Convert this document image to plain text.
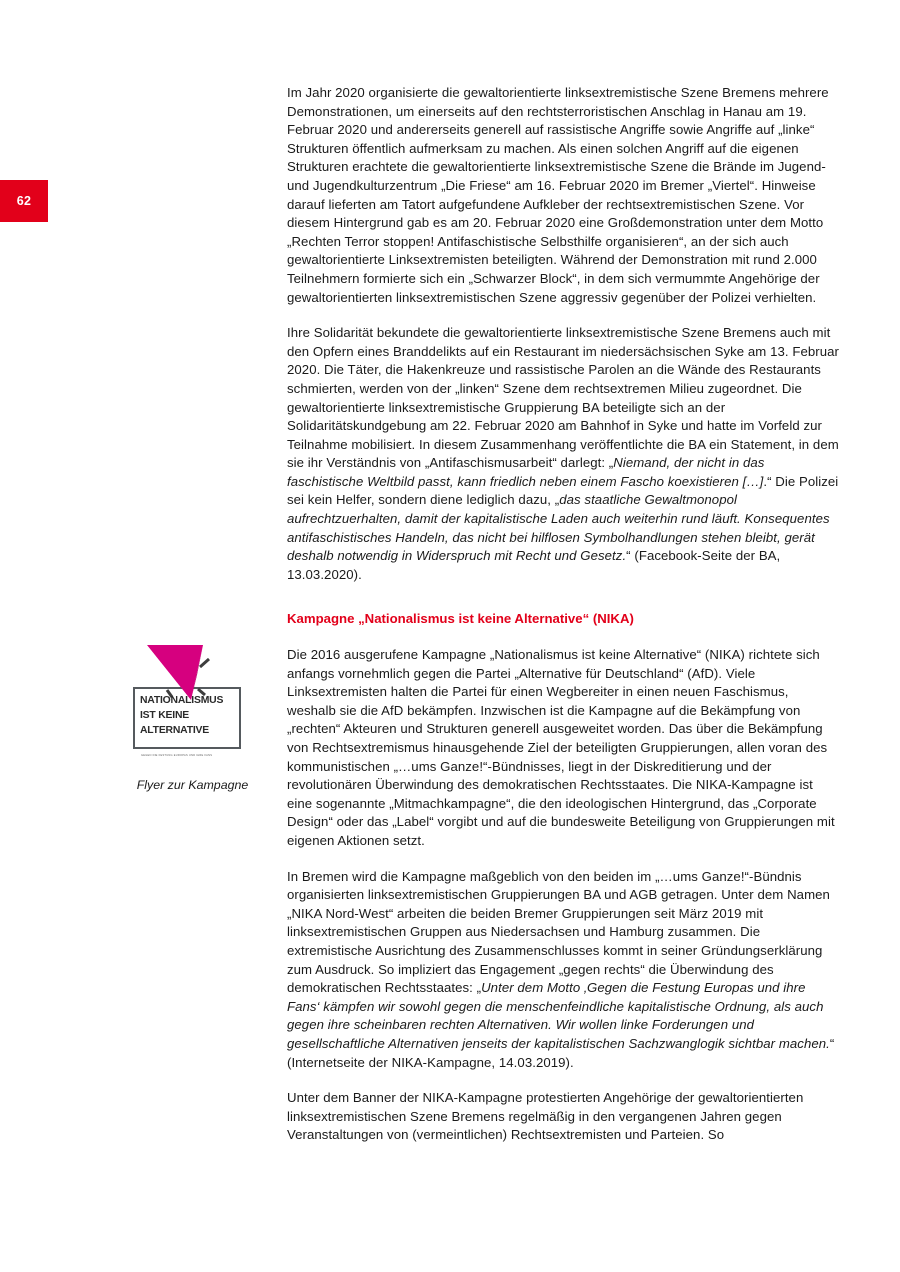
62
NATIONALISMUS
IST KEINE
ALTERNATIVE
GEGEN DIE FESTUNG EUROPAS UND IHRE FANS
Flyer zur Kampagne

Im Jahr 2020 organisierte die gewaltorientierte linksextremistische Szene Bremens mehrere Demonstrationen, um einerseits auf den rechtsterroristischen Anschlag in Hanau am 19. Februar 2020 und andererseits generell auf rassistische Angriffe sowie Angriffe auf „linke“ Strukturen öffentlich aufmerksam zu machen. Als einen solchen Angriff auf die eigenen Strukturen erachtete die gewaltorientierte linksextremistische Szene die Brände im Jugend- und Jugendkulturzentrum „Die Friese“ am 16. Februar 2020 im Bremer „Viertel“. Hinweise darauf lieferten am Tatort aufgefundene Aufkleber der rechtsextremistischen Szene. Vor diesem Hintergrund gab es am 20. Februar 2020 eine Großdemonstration unter dem Motto „Rechten Terror stoppen! Antifaschistische Selbsthilfe organisieren“, an der sich auch gewaltorientierte Linksextremisten beteiligten. Während der Demonstration mit rund 2.000 Teilnehmern formierte sich ein „Schwarzer Block“, in dem sich vermummte Angehörige der gewaltorientierten linksextremistischen Szene aggressiv gegenüber der Polizei verhielten.

Ihre Solidarität bekundete die gewaltorientierte linksextremistische Szene Bremens auch mit den Opfern eines Branddelikts auf ein Restaurant im niedersächsischen Syke am 13. Februar 2020. Die Täter, die Hakenkreuze und rassistische Parolen an die Wände des Restaurants schmierten, werden von der „linken“ Szene dem rechtsextremen Milieu zugeordnet. Die gewaltorientierte linksextremistische Gruppierung BA beteiligte sich an der Solidaritätskundgebung am 22. Februar 2020 am Bahnhof in Syke und hatte im Vorfeld zur Teilnahme mobilisiert. In diesem Zusammenhang veröffentlichte die BA ein Statement, in dem sie ihr Verständnis von „Antifaschismusarbeit“ darlegt: „Niemand, der nicht in das faschistische Weltbild passt, kann friedlich neben einem Fascho koexistieren […].“ Die Polizei sei kein Helfer, sondern diene lediglich dazu, „das staatliche Gewaltmonopol aufrechtzuerhalten, damit der kapitalistische Laden auch weiterhin rund läuft. Konsequentes antifaschistisches Handeln, das nicht bei hilflosen Symbolhandlungen stehen bleibt, gerät deshalb notwendig in Widerspruch mit Recht und Gesetz.“ (Facebook-Seite der BA, 13.03.2020).

Kampagne „Nationalismus ist keine Alternative“ (NIKA)

Die 2016 ausgerufene Kampagne „Nationalismus ist keine Alternative“ (NIKA) richtete sich anfangs vornehmlich gegen die Partei „Alternative für Deutschland“ (AfD). Viele Linksextremisten halten die Partei für einen Wegbereiter in einen neuen Faschismus, weshalb sie die AfD bekämpfen. Inzwischen ist die Kampagne auf die Bekämpfung von „rechten“ Akteuren und Strukturen generell ausgeweitet worden. Das über die Bekämpfung von Rechtsextremismus hinausgehende Ziel der beteiligten Gruppierungen, allen voran des kommunistischen „…ums Ganze!“-Bündnisses, liegt in der Diskreditierung und der revolutionären Überwindung des demokratischen Rechtsstaates. Die NIKA-Kampagne ist eine sogenannte „Mitmachkampagne“, die den ideologischen Hintergrund, das „Corporate Design“ oder das „Label“ vorgibt und auf die bundesweite Beteiligung von Gruppierungen mit eigenen Aktionen setzt.

In Bremen wird die Kampagne maßgeblich von den beiden im „…ums Ganze!“-Bündnis organisierten linksextremistischen Gruppierungen BA und AGB getragen. Unter dem Namen „NIKA Nord-West“ arbeiten die beiden Bremer Gruppierungen seit März 2019 mit linksextremistischen Gruppen aus Niedersachsen und Hamburg zusammen. Die extremistische Ausrichtung des Zusammenschlusses kommt in seiner Gründungserklärung zum Ausdruck. So impliziert das Engagement „gegen rechts“ die Überwindung des demokratischen Rechtsstaates: „Unter dem Motto ‚Gegen die Festung Europas und ihre Fans‘ kämpfen wir sowohl gegen die menschenfeindliche kapitalistische Ordnung, als auch gegen ihre scheinbaren rechten Alternativen. Wir wollen linke Forderungen und gesellschaftliche Alternativen jenseits der kapitalistischen Sachzwanglogik sichtbar machen.“ (Internetseite der NIKA-Kampagne, 14.03.2019).

Unter dem Banner der NIKA-Kampagne protestierten Angehörige der gewaltorientierten linksextremistischen Szene Bremens regelmäßig in den vergangenen Jahren gegen Veranstaltungen von (vermeintlichen) Rechtsextremisten und Parteien. So
